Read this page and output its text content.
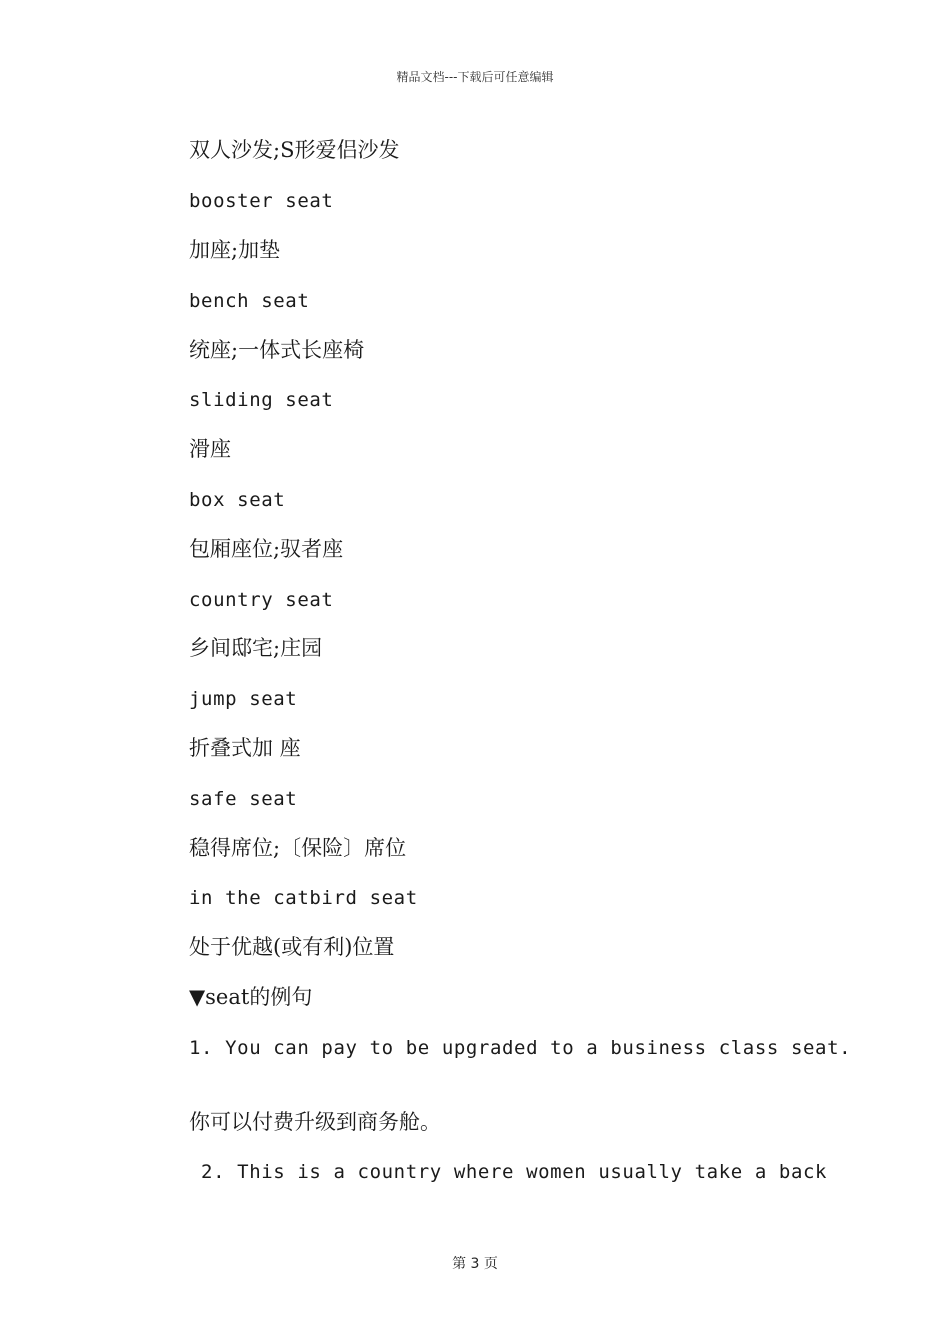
精品文档---下载后可任意编辑
双人沙发;S形爱侣沙发
booster seat
加座;加垫
bench seat
统座;一体式长座椅
sliding seat
滑座
box seat
包厢座位;驭者座
country seat
乡间邸宅;庄园
jump seat
折叠式加 座
safe seat
稳得席位;〔保险〕席位
in the catbird seat
处于优越(或有利)位置
▼seat的例句
1. You can pay to be upgraded to a business class seat.
你可以付费升级到商务舱。
2. This is a country where women usually take a back
第 3 页
